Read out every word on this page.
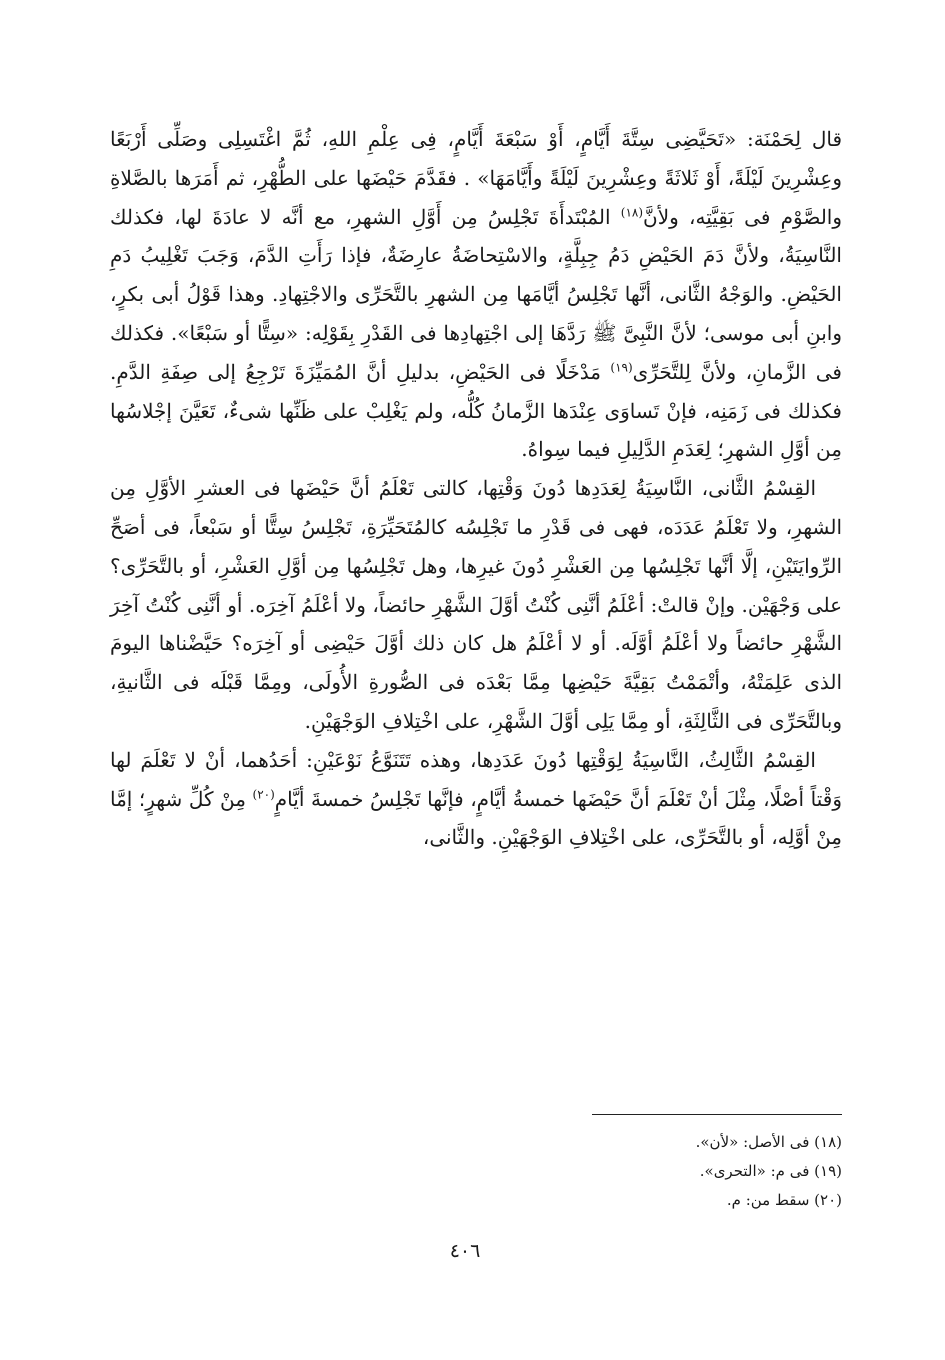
قال لِحَمْنَة: «تَحَيَّضِى سِتَّةَ أَيَّامٍ، أَوْ سَبْعَةَ أَيَّامٍ، فِى عِلْمِ اللهِ، ثُمَّ اغْتَسِلِى وصَلِّى أَرْبَعًا وعِشْرِينَ لَيْلَةً، أَوْ ثَلاثَةً وعِشْرِينَ لَيْلَةً وأَيَّامَهَا» . فقَدَّمَ حَيْضَها على الطُّهْرِ، ثم أَمَرَها بالصَّلاةِ والصَّوْمِ فى بَقِيَّتِه، ولأنَّ$^{(١٨)}$ المُبْتَدأَةَ تَجْلِسُ مِن أَوَّلِ الشهرِ، مع أنَّه لا عادَةَ لها، فكذلك النَّاسِيَةُ، ولأنَّ دَمَ الحَيْضِ دَمُ جِبِلَّةٍ، والاسْتِحاضَةُ عارِضَةٌ، فإذا رَأَتِ الدَّمَ، وَجَبَ تَغْلِيبُ دَمِ الحَيْضِ. والوَجْهُ الثَّانى، أنَّها تَجْلِسُ أيَّامَها مِن الشهرِ بالتَّحَرِّى والاجْتِهادِ. وهذا قَوْلُ أبى بكرٍ، وابنِ أبى موسى؛ لأنَّ النَّبِىَّ ﷺ رَدَّهَا إلى اجْتِهادِها فى القَدْرِ بِقَوْلِه: «سِتًّا أو سَبْعًا». فكذلك فى الزَّمانِ، ولأنَّ لِلتَّحَرِّى$^{(١٩)}$ مَدْخَلًا فى الحَيْضِ، بدليلِ أنَّ المُمَيِّزَةَ تَرْجِعُ إلى صِفَةِ الدَّمِ. فكذلك فى زَمَنِه، فإنْ تَساوَى عِنْدَها الزَّمانُ كُلُّه، ولم يَغْلِبْ على ظَنِّها شىءٌ، تَعَيَّنَ إجْلاسُها مِن أوَّلِ الشهرِ؛ لِعَدَمِ الدَّلِيلِ فيما سِواهُ.

القِسْمُ الثَّانى، النَّاسِيَةُ لِعَدَدِها دُونَ وَقْتِها، كالتى تَعْلَمُ أنَّ حَيْضَها فى العشرِ الأوَّلِ مِن الشهرِ، ولا تَعْلَمُ عَدَدَه، فهى فى قَدْرِ ما تَجْلِسُه كالمُتَحَيِّرَةِ، تَجْلِسُ سِتًّا أو سَبْعاً، فى أصَحِّ الرِّوايَتَيْنِ، إلَّا أنَّها تَجْلِسُها مِن العَشْرِ دُونَ غيرِها، وهل تَجْلِسُها مِن أوَّلِ العَشْرِ، أو بالتَّحَرِّى؟ على وَجْهَيْن. وإنْ قالتْ: أعْلَمُ أنَّنِى كُنْتُ أوَّلَ الشَّهْرِ حائضاً، ولا أعْلَمُ آخِرَه. أو أنَّنِى كُنْتُ آخِرَ الشَّهْرِ حائضاً ولا أعْلَمُ أوَّلَه. أو لا أعْلَمُ هل كان ذلك أوَّلَ حَيْضِى أو آخِرَه؟ حَيَّضْناها اليومَ الذى عَلِمَتْهُ، وأتْمَمْتُ بَقِيَّةَ حَيْضِها مِمَّا بَعْدَه فى الصُّورةِ الأُولَى، ومِمَّا قَبْلَه فى الثَّانيةِ، وبالتَّحَرِّى فى الثَّالِثَةِ، أو مِمَّا يَلِى أوَّلَ الشَّهْرِ، على اخْتِلافِ الوَجْهَيْنِ.

القِسْمُ الثَّالِثُ، النَّاسِيَةُ لِوَقْتِها دُونَ عَدَدِها، وهذه تَتَنَوَّعُ نَوْعَيْنِ: أحَدُهما، أنْ لا تَعْلَمَ لها وَقْتاً أصْلًا، مِثْلَ أنْ تَعْلَمَ أنَّ حَيْضَها خمسةُ أيَّامٍ، فإنَّها تَجْلِسُ خمسةَ أيَّامٍ$^{(٢٠)}$ مِنْ كُلِّ شهرٍ؛ إمَّا مِنْ أوَّلِه، أو بالتَّحَرِّى، على اخْتِلافِ الوَجْهَيْنِ. والثَّانى،

(١٨) فى الأصل: «لأن».

(١٩) فى م: «التحرى».

(٢٠) سقط من: م.

٤٠٦
